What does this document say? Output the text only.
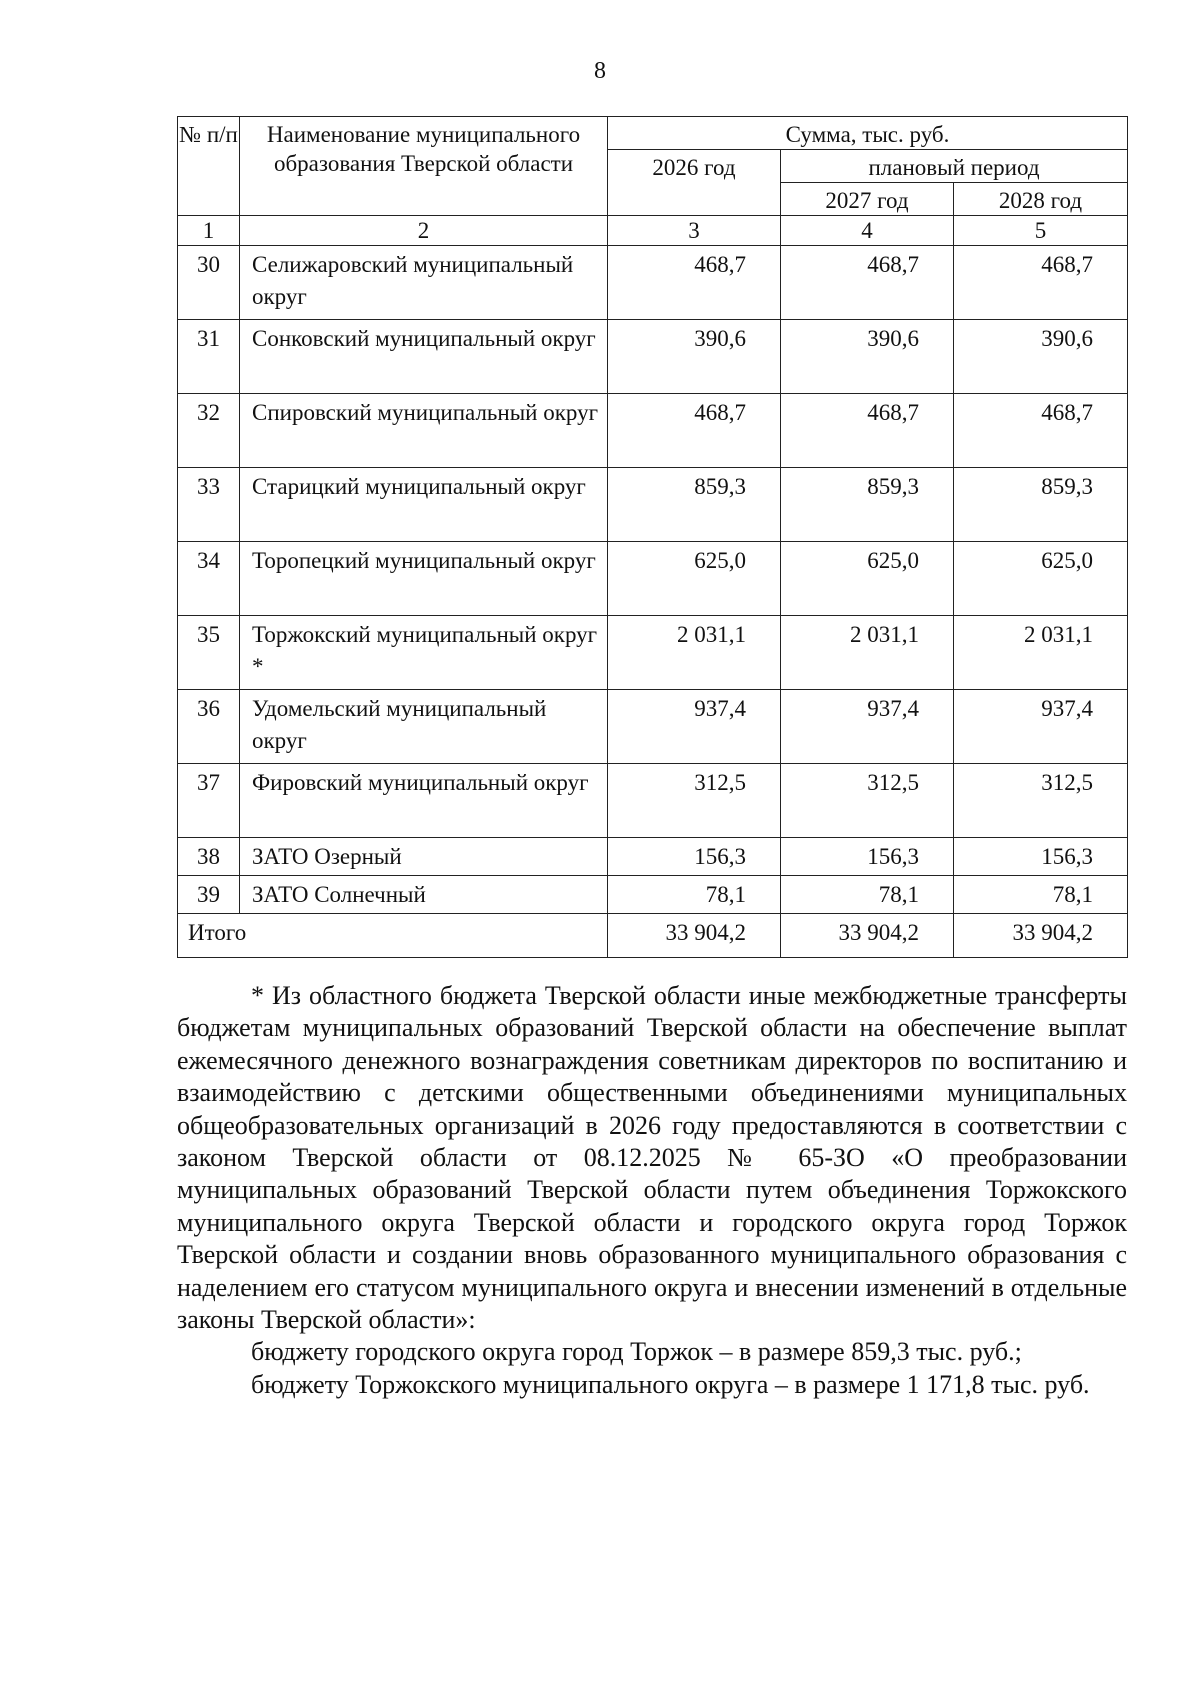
8
№ п/п	Наименование муниципального образования Тверской области	Сумма, тыс. руб.		
		2026 год	плановый период	
			2027 год	2028 год
1	2	3	4	5
30	Селижаровский муниципальный округ	468,7	468,7	468,7
31	Сонковский муниципальный округ	390,6	390,6	390,6
32	Спировский муниципальный округ	468,7	468,7	468,7
33	Старицкий муниципальный округ	859,3	859,3	859,3
34	Торопецкий муниципальный округ	625,0	625,0	625,0
35	Торжокский муниципальный округ *	2 031,1	2 031,1	2 031,1
36	Удомельский муниципальный округ	937,4	937,4	937,4
37	Фировский муниципальный округ	312,5	312,5	312,5
38	ЗАТО Озерный	156,3	156,3	156,3
39	ЗАТО Солнечный	78,1	78,1	78,1
Итого		33 904,2	33 904,2	33 904,2

* Из областного бюджета Тверской области иные межбюджетные трансферты бюджетам муниципальных образований Тверской области на обеспечение выплат ежемесячного денежного вознаграждения советникам директоров по воспитанию и взаимодействию с детскими общественными объединениями муниципальных общеобразовательных организаций в 2026 году предоставляются в соответствии с законом Тверской области от 08.12.2025 № 65-ЗО «О преобразовании муниципальных образований Тверской области путем объединения Торжокского муниципального округа Тверской области и городского округа город Торжок Тверской области и создании вновь образованного муниципального образования с наделением его статусом муниципального округа и внесении изменений в отдельные законы Тверской области»:

бюджету городского округа город Торжок – в размере 859,3 тыс. руб.;

бюджету Торжокского муниципального округа – в размере 1 171,8 тыс. руб.
